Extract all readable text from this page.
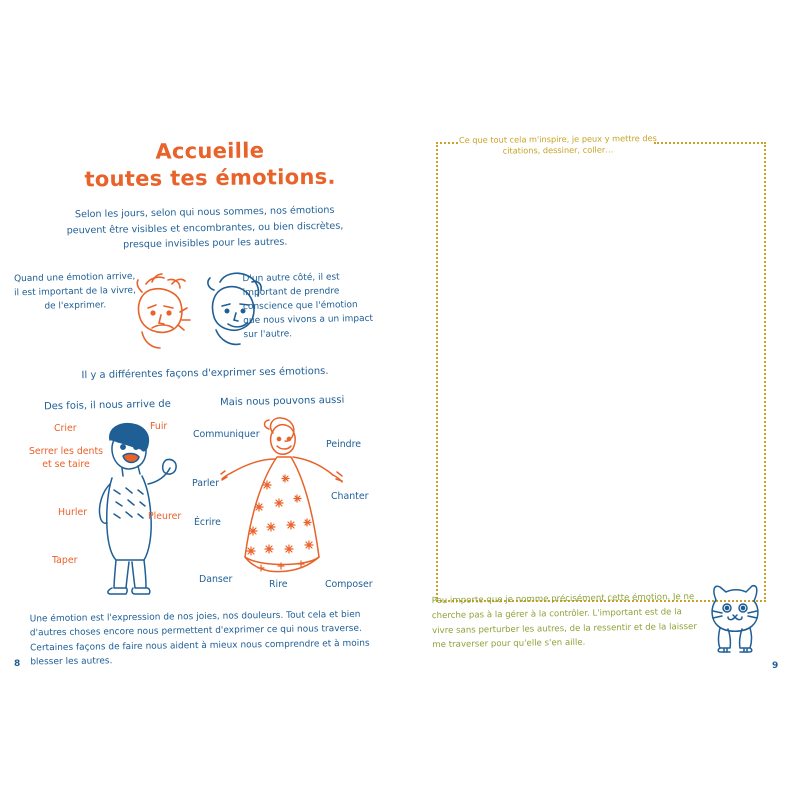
Accueille
toutes tes émotions.
Selon les jours, selon qui nous sommes, nos émotions peuvent être visibles et encombrantes, ou bien discrètes, presque invisibles pour les autres.
Quand une émotion arrive, il est important de la vivre, de l'exprimer.
D'un autre côté, il est important de prendre conscience que l'émotion que nous vivons a un impact sur l'autre.
Il y a différentes façons d'exprimer ses émotions.
Des fois, il nous arrive de	Mais nous pouvons aussi
Crier	Fuir
Serrer les dents et se taire
Hurler	Pleurer
Taper
Communiquer
Peindre
Parler
Chanter
Écrire
Danser	Rire	Composer
Une émotion est l'expression de nos joies, nos douleurs. Tout cela et bien d'autres choses encore nous permettent d'exprimer ce qui nous traverse. Certaines façons de faire nous aident à mieux nous comprendre et à moins blesser les autres.
8
Ce que tout cela m'inspire, je peux y mettre des citations, dessiner, coller…
Peu importe que je nomme précisément cette émotion. Je ne cherche pas à la gérer à la contrôler. L'important est de la vivre sans perturber les autres, de la ressentir et de la laisser me traverser pour qu'elle s'en aille.
9
